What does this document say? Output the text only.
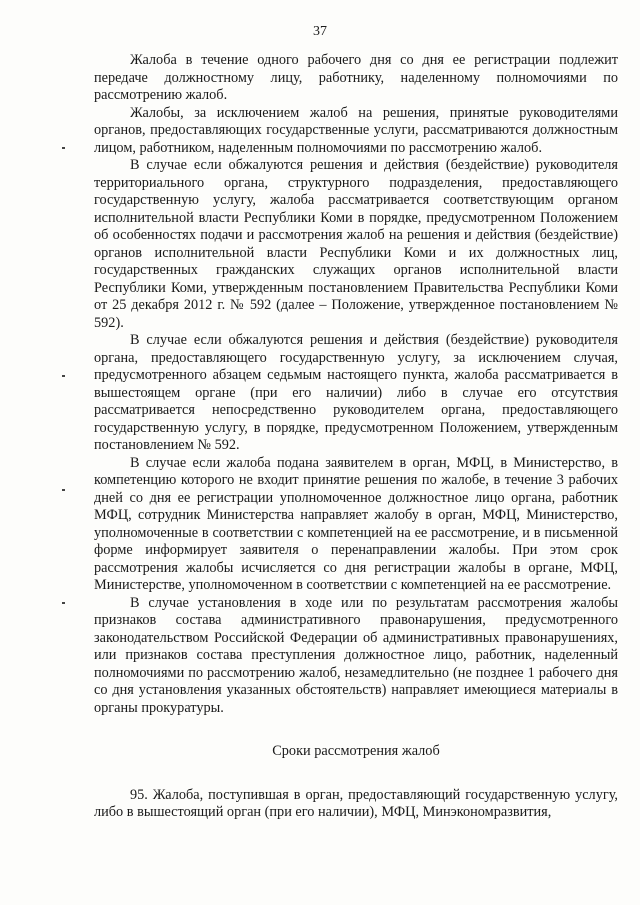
37

Жалоба в течение одного рабочего дня со дня ее регистрации подлежит передаче должностному лицу, работнику, наделенному полномочиями по рассмотрению жалоб.

Жалобы, за исключением жалоб на решения, принятые руководителями органов, предоставляющих государственные услуги, рассматриваются должностным лицом, работником, наделенным полномочиями по рассмотрению жалоб.

В случае если обжалуются решения и действия (бездействие) руководителя территориального органа, структурного подразделения, предоставляющего государственную услугу, жалоба рассматривается соответствующим органом исполнительной власти Республики Коми в порядке, предусмотренном Положением об особенностях подачи и рассмотрения жалоб на решения и действия (бездействие) органов исполнительной власти Республики Коми и их должностных лиц, государственных гражданских служащих органов исполнительной власти Республики Коми, утвержденным постановлением Правительства Республики Коми от 25 декабря 2012 г. № 592 (далее – Положение, утвержденное постановлением № 592).

В случае если обжалуются решения и действия (бездействие) руководителя органа, предоставляющего государственную услугу, за исключением случая, предусмотренного абзацем седьмым настоящего пункта, жалоба рассматривается в вышестоящем органе (при его наличии) либо в случае его отсутствия рассматривается непосредственно руководителем органа, предоставляющего государственную услугу, в порядке, предусмотренном Положением, утвержденным постановлением № 592.

В случае если жалоба подана заявителем в орган, МФЦ, в Министерство, в компетенцию которого не входит принятие решения по жалобе, в течение 3 рабочих дней со дня ее регистрации уполномоченное должностное лицо органа, работник МФЦ, сотрудник Министерства направляет жалобу в орган, МФЦ, Министерство, уполномоченные в соответствии с компетенцией на ее рассмотрение, и в письменной форме информирует заявителя о перенаправлении жалобы. При этом срок рассмотрения жалобы исчисляется со дня регистрации жалобы в органе, МФЦ, Министерстве, уполномоченном в соответствии с компетенцией на ее рассмотрение.

В случае установления в ходе или по результатам рассмотрения жалобы признаков состава административного правонарушения, предусмотренного законодательством Российской Федерации об административных правонарушениях, или признаков состава преступления должностное лицо, работник, наделенный полномочиями по рассмотрению жалоб, незамедлительно (не позднее 1 рабочего дня со дня установления указанных обстоятельств) направляет имеющиеся материалы в органы прокуратуры.

Сроки рассмотрения жалоб

95. Жалоба, поступившая в орган, предоставляющий государственную услугу, либо в вышестоящий орган (при его наличии), МФЦ, Минэкономразвития,
